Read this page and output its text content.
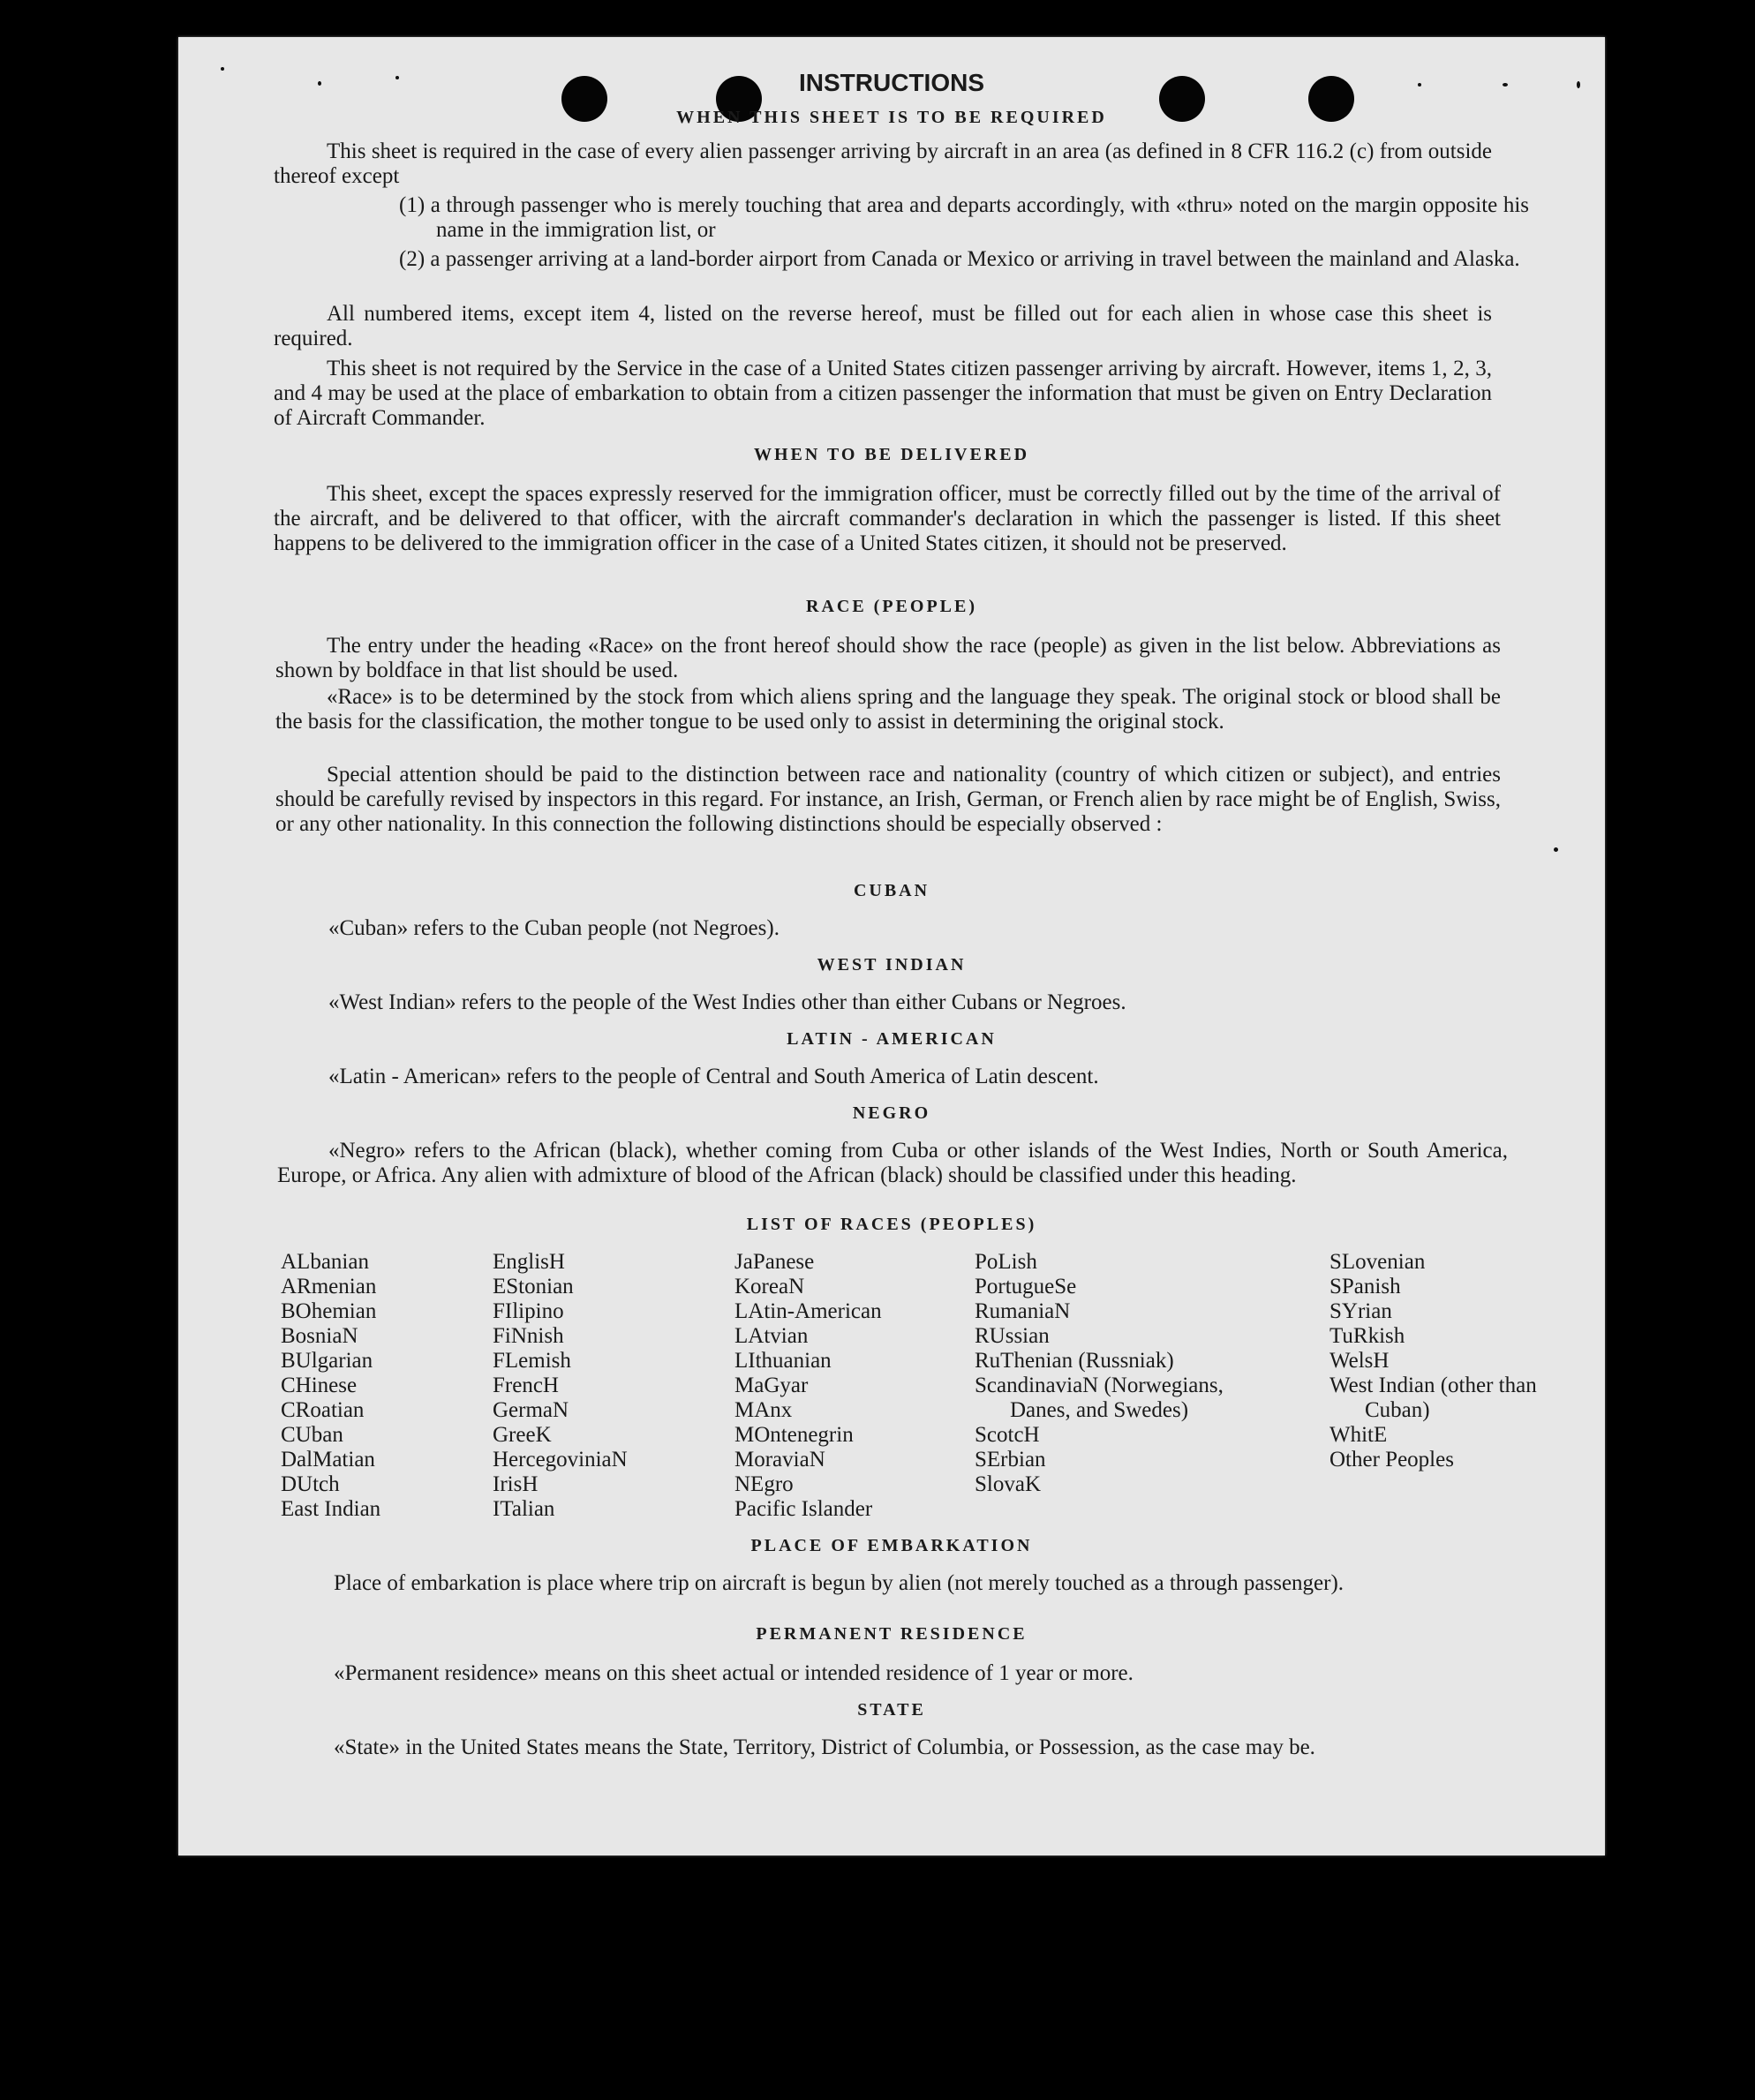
INSTRUCTIONS
WHEN THIS SHEET IS TO BE REQUIRED

This sheet is required in the case of every alien passenger arriving by aircraft in an area (as defined in 8 CFR 116.2 (c) from outside thereof except

(1) a through passenger who is merely touching that area and departs accordingly, with «thru» noted on the margin opposite his name in the immigration list, or

(2) a passenger arriving at a land-border airport from Canada or Mexico or arriving in travel between the mainland and Alaska.

All numbered items, except item 4, listed on the reverse hereof, must be filled out for each alien in whose case this sheet is required.

This sheet is not required by the Service in the case of a United States citizen passenger arriving by aircraft. However, items 1, 2, 3, and 4 may be used at the place of embarkation to obtain from a citizen passenger the information that must be given on Entry Declaration of Aircraft Commander.

WHEN TO BE DELIVERED

This sheet, except the spaces expressly reserved for the immigration officer, must be correctly filled out by the time of the arrival of the aircraft, and be delivered to that officer, with the aircraft commander's declaration in which the passenger is listed. If this sheet happens to be delivered to the immigration officer in the case of a United States citizen, it should not be preserved.

RACE (PEOPLE)

The entry under the heading «Race» on the front hereof should show the race (people) as given in the list below. Abbreviations as shown by boldface in that list should be used.

«Race» is to be determined by the stock from which aliens spring and the language they speak. The original stock or blood shall be the basis for the classification, the mother tongue to be used only to assist in determining the original stock.

Special attention should be paid to the distinction between race and nationality (country of which citizen or subject), and entries should be carefully revised by inspectors in this regard. For instance, an Irish, German, or French alien by race might be of English, Swiss, or any other nationality. In this connection the following distinctions should be especially observed :

CUBAN

«Cuban» refers to the Cuban people (not Negroes).

WEST INDIAN

«West Indian» refers to the people of the West Indies other than either Cubans or Negroes.

LATIN - AMERICAN

«Latin - American» refers to the people of Central and South America of Latin descent.

NEGRO

«Negro» refers to the African (black), whether coming from Cuba or other islands of the West Indies, North or South America, Europe, or Africa. Any alien with admixture of blood of the African (black) should be classified under this heading.

LIST OF RACES (PEOPLES)
ALbanian
ARmenian
BOhemian
BosniaN
BUlgarian
CHinese
CRoatian
CUban
DalMatian
DUtch
East Indian
EnglisH
EStonian
FIlipino
FiNnish
FLemish
FrencH
GermaN
GreeK
HercegoviniaN
IrisH
ITalian
JaPanese
KoreaN
LAtin-American
LAtvian
LIthuanian
MaGyar
MAnx
MOntenegrin
MoraviaN
NEgro
Pacific Islander
PoLish
PortugueSe
RumaniaN
RUssian
RuThenian (Russniak)
ScandinaviaN (Norwegians, Danes, and Swedes)
ScotcH
SErbian
SlovaK
SLovenian
SPanish
SYrian
TuRkish
WelsH
West Indian (other than Cuban)
WhitE
Other Peoples
PLACE OF EMBARKATION

Place of embarkation is place where trip on aircraft is begun by alien (not merely touched as a through passenger).

PERMANENT RESIDENCE

«Permanent residence» means on this sheet actual or intended residence of 1 year or more.

STATE

«State» in the United States means the State, Territory, District of Columbia, or Possession, as the case may be.
